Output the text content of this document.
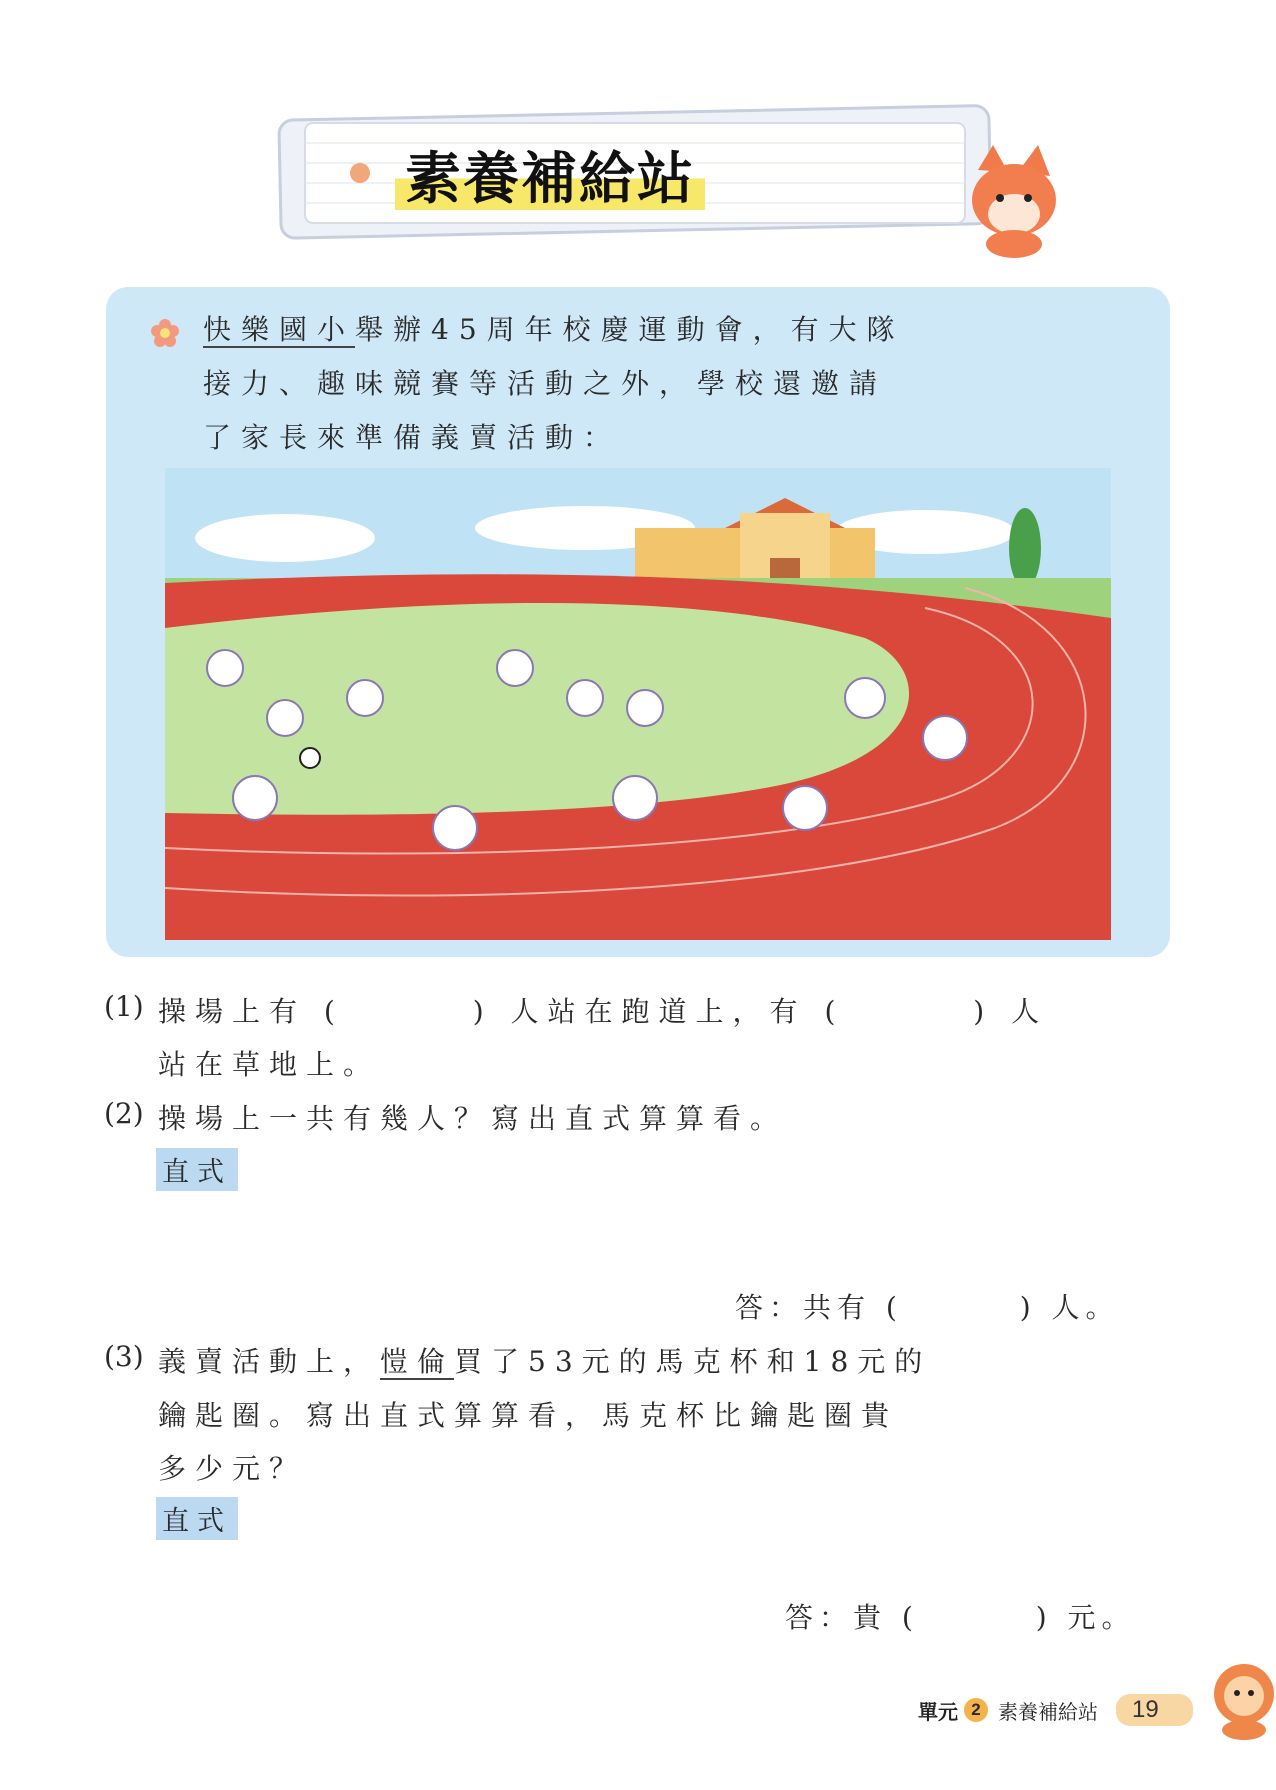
素養補給站
快樂國小舉辦45周年校慶運動會，有大隊
接力、趣味競賽等活動之外，學校還邀請
了家長來準備義賣活動：
(1) 操場上有 (　　　 ) 人站在跑道上，有 (　　　 ) 人
站在草地上。
(2) 操場上一共有幾人？寫出直式算算看。
直式
答：共有 (　　　 ) 人。
(3) 義賣活動上，愷倫買了53元的馬克杯和18元的
鑰匙圈。寫出直式算算看，馬克杯比鑰匙圈貴
多少元？
直式
答：貴 (　　　 ) 元。
單元 2 素養補給站	19
